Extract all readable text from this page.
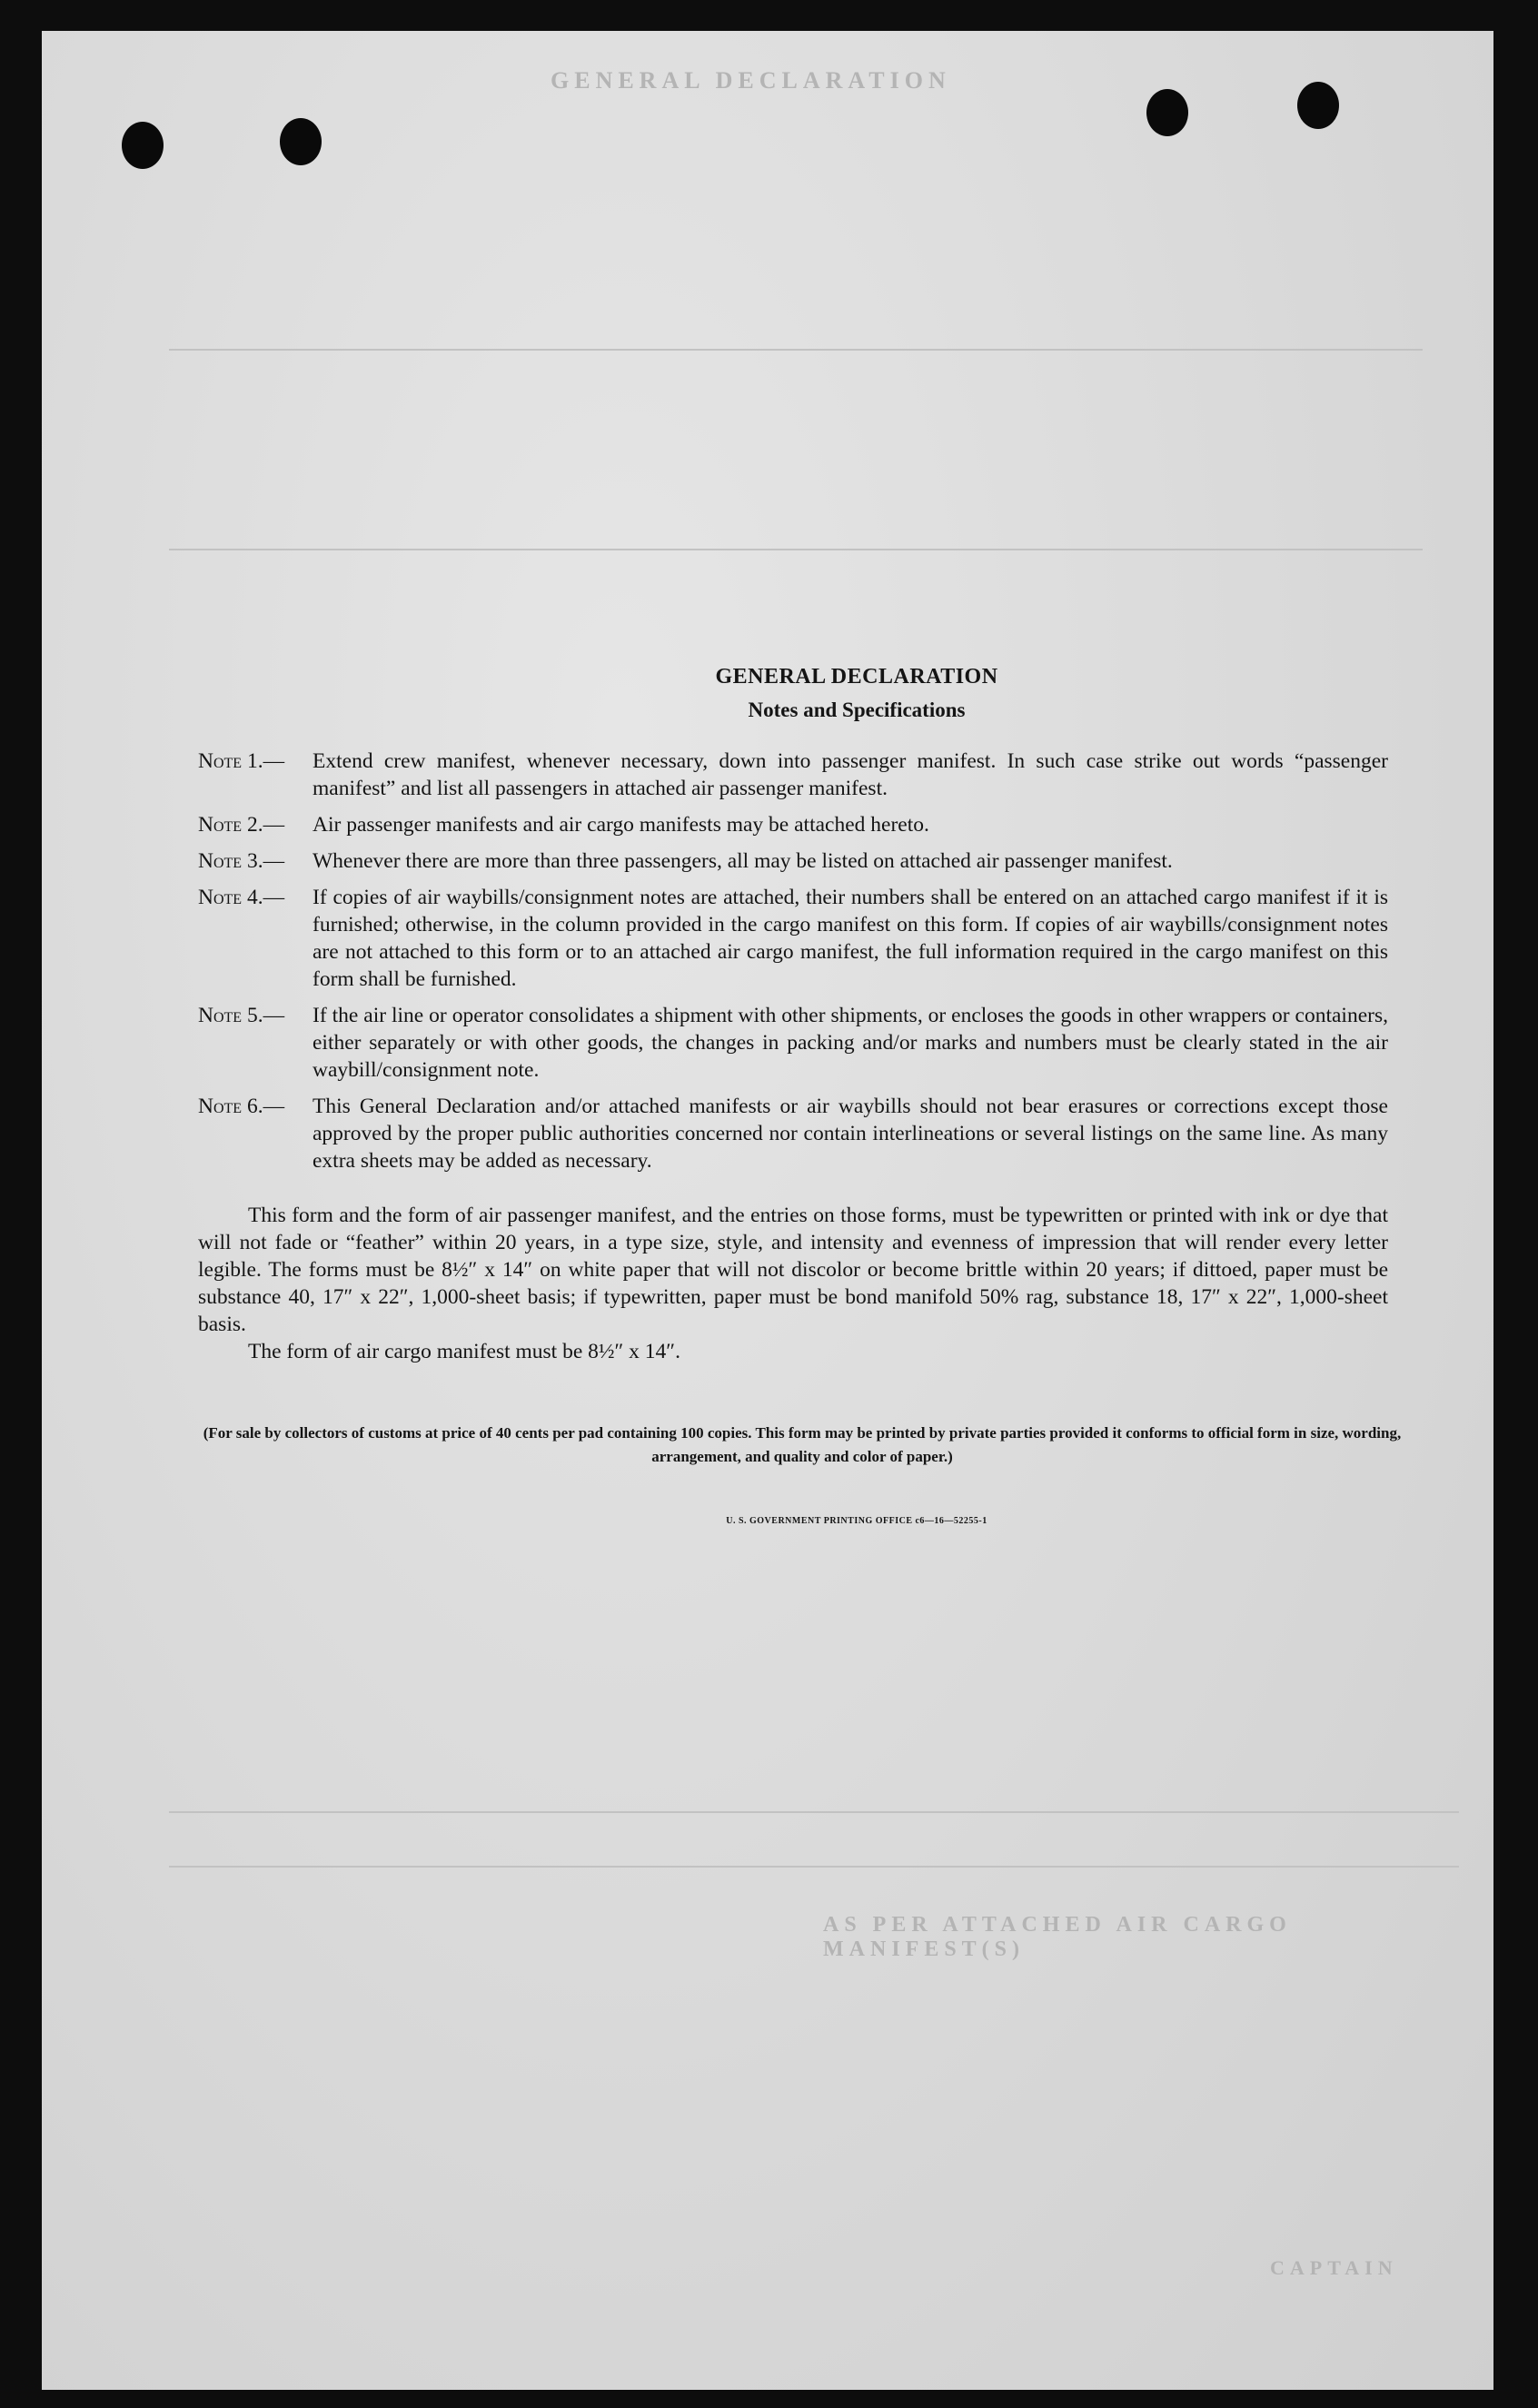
GENERAL DECLARATION
AS PER ATTACHED AIR CARGO MANIFEST(S)
CAPTAIN
GENERAL DECLARATION
Notes and Specifications
Note 1.—	Extend crew manifest, whenever necessary, down into passenger manifest. In such case strike out words “passenger manifest” and list all passengers in attached air passenger manifest.
Note 2.—	Air passenger manifests and air cargo manifests may be attached hereto.
Note 3.—	Whenever there are more than three passengers, all may be listed on attached air passenger manifest.
Note 4.—	If copies of air waybills/consignment notes are attached, their numbers shall be entered on an attached cargo manifest if it is furnished; otherwise, in the column provided in the cargo manifest on this form. If copies of air waybills/consignment notes are not attached to this form or to an attached air cargo manifest, the full information required in the cargo manifest on this form shall be furnished.
Note 5.—	If the air line or operator consolidates a shipment with other shipments, or encloses the goods in other wrappers or containers, either separately or with other goods, the changes in packing and/or marks and numbers must be clearly stated in the air waybill/consignment note.
Note 6.—	This General Declaration and/or attached manifests or air waybills should not bear erasures or corrections except those approved by the proper public authorities concerned nor contain interlineations or several listings on the same line. As many extra sheets may be added as necessary.
This form and the form of air passenger manifest, and the entries on those forms, must be typewritten or printed with ink or dye that will not fade or “feather” within 20 years, in a type size, style, and intensity and evenness of impression that will render every letter legible. The forms must be 8½″ x 14″ on white paper that will not discolor or become brittle within 20 years; if dittoed, paper must be substance 40, 17″ x 22″, 1,000-sheet basis; if typewritten, paper must be bond manifold 50% rag, substance 18, 17″ x 22″, 1,000-sheet basis.
The form of air cargo manifest must be 8½″ x 14″.
(For sale by collectors of customs at price of 40 cents per pad containing 100 copies. This form may be printed by private parties provided it conforms to official form in size, wording, arrangement, and quality and color of paper.)
U. S. GOVERNMENT PRINTING OFFICE c6—16—52255-1
